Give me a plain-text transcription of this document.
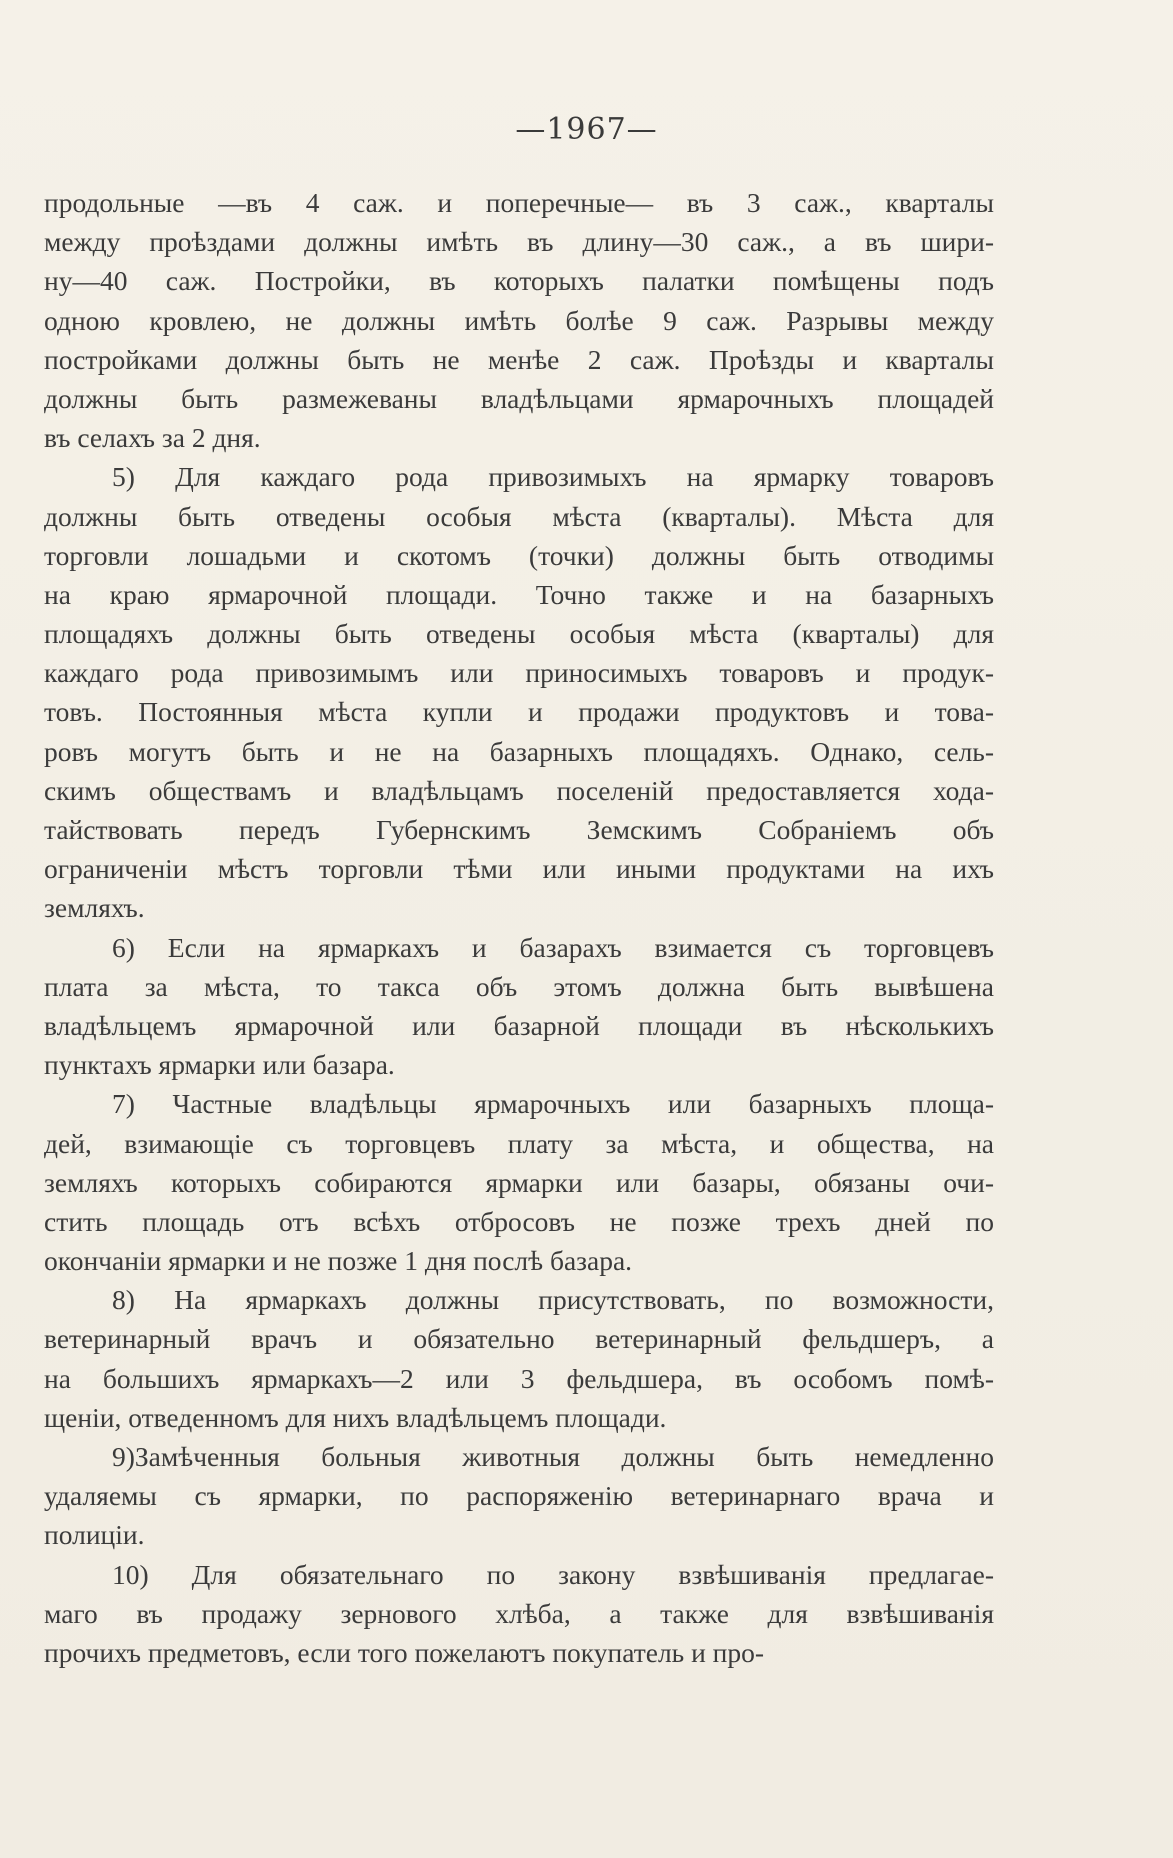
—1967—
продольные —въ 4 саж. и поперечные— въ 3 саж., кварталы
между проѣздами должны имѣть въ длину—30 саж., а въ шири-
ну—40 саж. Постройки, въ которыхъ палатки помѣщены подъ
одною кровлею, не должны имѣть болѣе 9 саж. Разрывы между
постройками должны быть не менѣе 2 саж. Проѣзды и кварталы
должны быть размежеваны владѣльцами ярмарочныхъ площадей
въ селахъ за 2 дня.
5) Для каждаго рода привозимыхъ на ярмарку товаровъ
должны быть отведены особыя мѣста (кварталы). Мѣста для
торговли лошадьми и скотомъ (точки) должны быть отводимы
на краю ярмарочной площади. Точно также и на базарныхъ
площадяхъ должны быть отведены особыя мѣста (кварталы) для
каждаго рода привозимымъ или приносимыхъ товаровъ и продук-
товъ. Постоянныя мѣста купли и продажи продуктовъ и това-
ровъ могутъ быть и не на базарныхъ площадяхъ. Однако, сель-
скимъ обществамъ и владѣльцамъ поселенiй предоставляется хода-
тайствовать передъ Губернскимъ Земскимъ Собранiемъ объ
ограниченiи мѣстъ торговли тѣми или иными продуктами на ихъ
земляхъ.
6) Если на ярмаркахъ и базарахъ взимается съ торговцевъ
плата за мѣста, то такса объ этомъ должна быть вывѣшена
владѣльцемъ ярмарочной или базарной площади въ нѣсколькихъ
пунктахъ ярмарки или базара.
7) Частные владѣльцы ярмарочныхъ или базарныхъ площа-
дей, взимающiе съ торговцевъ плату за мѣста, и общества, на
земляхъ которыхъ собираются ярмарки или базары, обязаны очи-
стить площадь отъ всѣхъ отбросовъ не позже трехъ дней по
окончанiи ярмарки и не позже 1 дня послѣ базара.
8) На ярмаркахъ должны присутствовать, по возможности,
ветеринарный врачъ и обязательно ветеринарный фельдшеръ, а
на большихъ ярмаркахъ—2 или 3 фельдшера, въ особомъ помѣ-
щенiи, отведенномъ для нихъ владѣльцемъ площади.
9)Замѣченныя больныя животныя должны быть немедленно
удаляемы съ ярмарки, по распоряженiю ветеринарнаго врача и
полицiи.
10) Для обязательнаго по закону взвѣшиванiя предлагае-
маго въ продажу зернового хлѣба, а также для взвѣшиванiя
прочихъ предметовъ, если того пожелаютъ покупатель и про-
